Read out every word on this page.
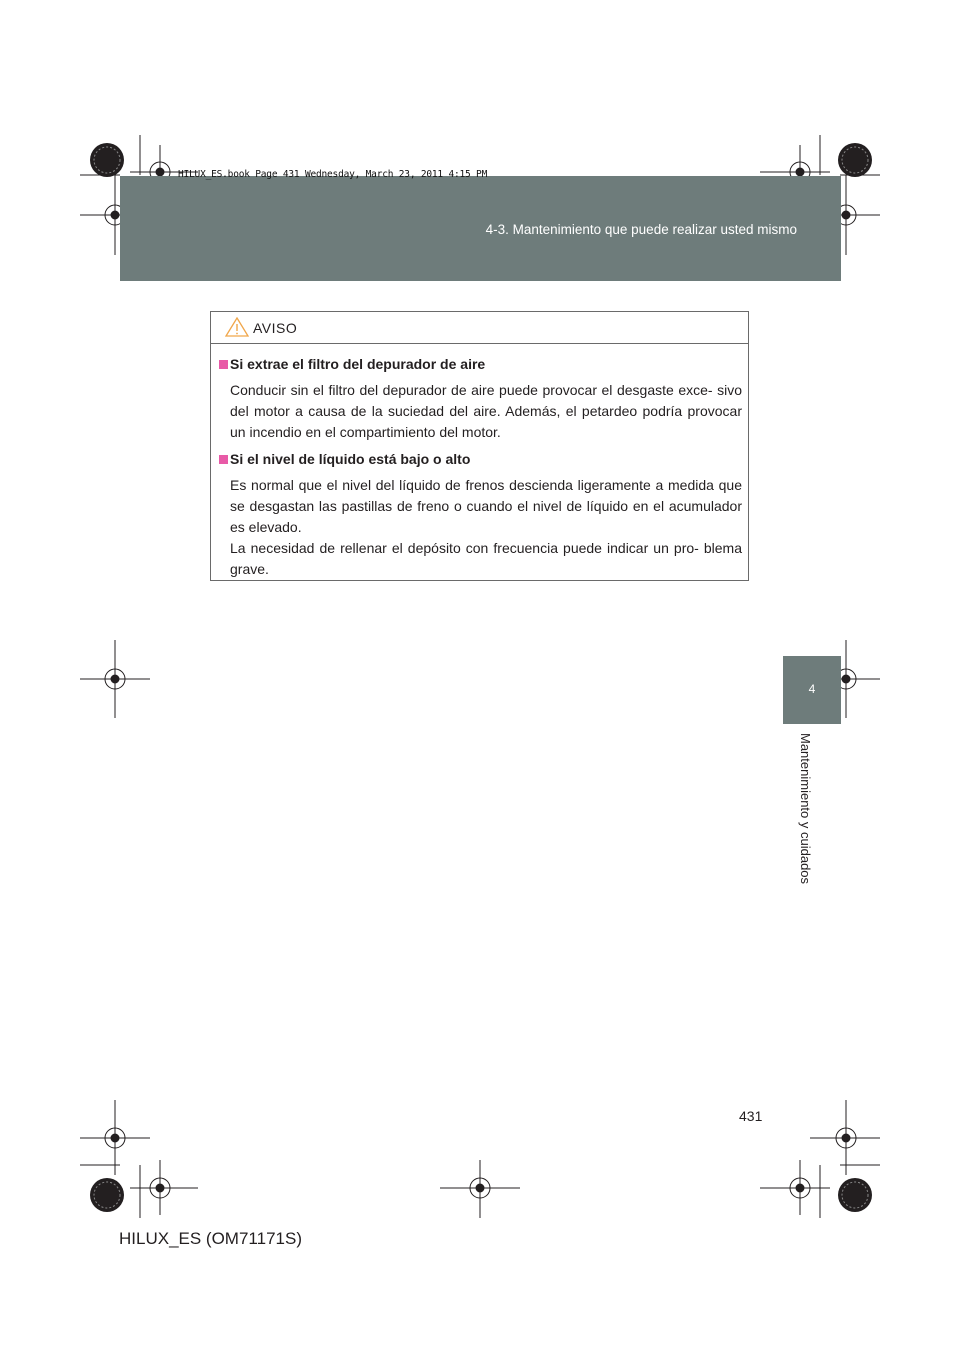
4-3. Mantenimiento que puede realizar usted mismo
HILUX_ES.book Page 431 Wednesday, March 23, 2011 4:15 PM
4
Mantenimiento y cuidados
AVISO
Si extrae el filtro del depurador de aire
Conducir sin el filtro del depurador de aire puede provocar el desgaste exce- sivo del motor a causa de la suciedad del aire. Además, el petardeo podría provocar un incendio en el compartimiento del motor.
Si el nivel de líquido está bajo o alto
Es normal que el nivel del líquido de frenos descienda ligeramente a medida que se desgastan las pastillas de freno o cuando el nivel de líquido en el acumulador es elevado.
La necesidad de rellenar el depósito con frecuencia puede indicar un pro- blema grave.
431
HILUX_ES (OM71171S)
